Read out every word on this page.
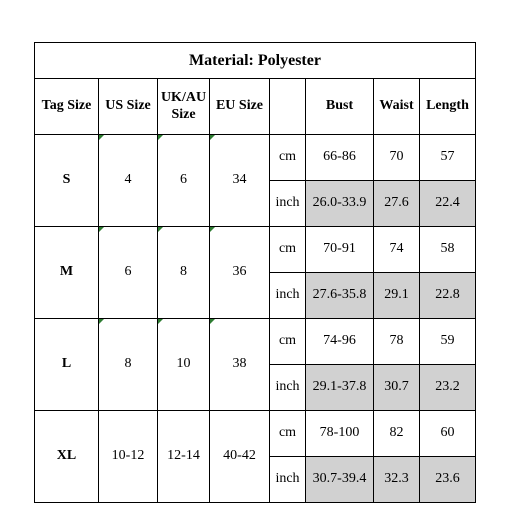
Material: Polyester							
Tag Size	US Size	UK/AU Size	EU Size		Bust	Waist	Length
S	4	6	34	cm	66-86	70	57
				inch	26.0-33.9	27.6	22.4
M	6	8	36	cm	70-91	74	58
				inch	27.6-35.8	29.1	22.8
L	8	10	38	cm	74-96	78	59
				inch	29.1-37.8	30.7	23.2
XL	10-12	12-14	40-42	cm	78-100	82	60
				inch	30.7-39.4	32.3	23.6
